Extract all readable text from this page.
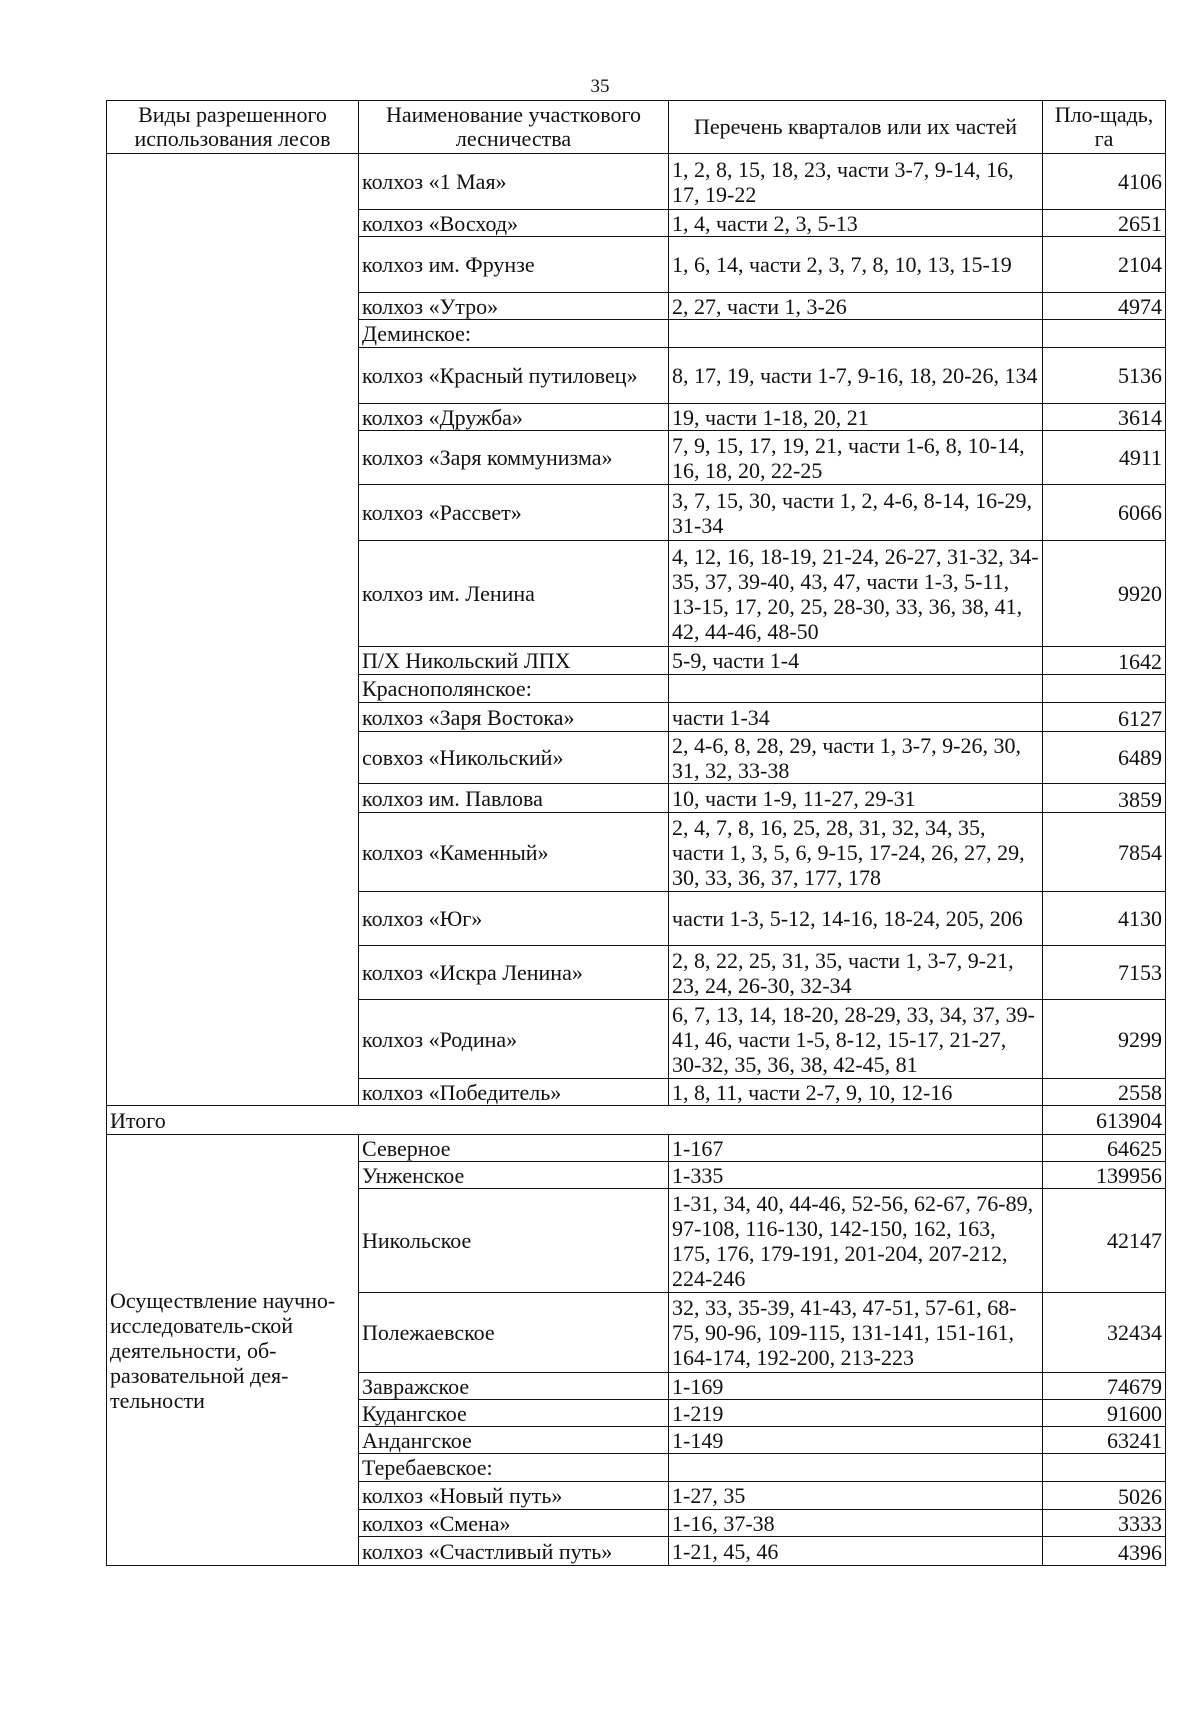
35
Виды разрешенного использования лесов	Наименование участкового лесничества	Перечень кварталов или их частей	Пло-щадь, га
	колхоз «1 Мая»	1, 2, 8, 15, 18, 23, части 3-7, 9-14, 16, 17, 19-22	4106
	колхоз «Восход»	1, 4, части 2, 3, 5-13	2651
	колхоз им. Фрунзе	1, 6, 14, части 2, 3, 7, 8, 10, 13, 15-19	2104
	колхоз «Утро»	2, 27, части 1, 3-26	4974
	Деминское:		
	колхоз «Красный путиловец»	8, 17, 19, части 1-7, 9-16, 18, 20-26, 134	5136
	колхоз «Дружба»	19, части 1-18, 20, 21	3614
	колхоз «Заря коммунизма»	7, 9, 15, 17, 19, 21, части 1-6, 8, 10-14, 16, 18, 20, 22-25	4911
	колхоз «Рассвет»	3, 7, 15, 30, части 1, 2, 4-6, 8-14, 16-29, 31-34	6066
	колхоз им. Ленина	4, 12, 16, 18-19, 21-24, 26-27, 31-32, 34-35, 37, 39-40, 43, 47, части 1-3, 5-11, 13-15, 17, 20, 25, 28-30, 33, 36, 38, 41, 42, 44-46, 48-50	9920
	П/Х Никольский ЛПХ	5-9, части 1-4	1642
	Краснополянское:		
	колхоз «Заря Востока»	части 1-34	6127
	совхоз «Никольский»	2, 4-6, 8, 28, 29, части 1, 3-7, 9-26, 30, 31, 32, 33-38	6489
	колхоз им. Павлова	10, части 1-9, 11-27, 29-31	3859
	колхоз «Каменный»	2, 4, 7, 8, 16, 25, 28, 31, 32, 34, 35, части 1, 3, 5, 6, 9-15, 17-24, 26, 27, 29, 30, 33, 36, 37, 177, 178	7854
	колхоз «Юг»	части 1-3, 5-12, 14-16, 18-24, 205, 206	4130
	колхоз «Искра Ленина»	2, 8, 22, 25, 31, 35, части 1, 3-7, 9-21, 23, 24, 26-30, 32-34	7153
	колхоз «Родина»	6, 7, 13, 14, 18-20, 28-29, 33, 34, 37, 39-41, 46, части 1-5, 8-12, 15-17, 21-27, 30-32, 35, 36, 38, 42-45, 81	9299
	колхоз «Победитель»	1, 8, 11, части 2-7, 9, 10, 12-16	2558
Итого			613904
Осуществление научно-исследователь-ской деятельности, об-разовательной дея-тельности	Северное	1-167	64625
	Унженское	1-335	139956
	Никольское	1-31, 34, 40, 44-46, 52-56, 62-67, 76-89, 97-108, 116-130, 142-150, 162, 163, 175, 176, 179-191, 201-204, 207-212, 224-246	42147
	Полежаевское	32, 33, 35-39, 41-43, 47-51, 57-61, 68-75, 90-96, 109-115, 131-141, 151-161, 164-174, 192-200, 213-223	32434
	Завражское	1-169	74679
	Кудангское	1-219	91600
	Андангское	1-149	63241
	Теребаевское:		
	колхоз «Новый путь»	1-27, 35	5026
	колхоз «Смена»	1-16, 37-38	3333
	колхоз «Счастливый путь»	1-21, 45, 46	4396
